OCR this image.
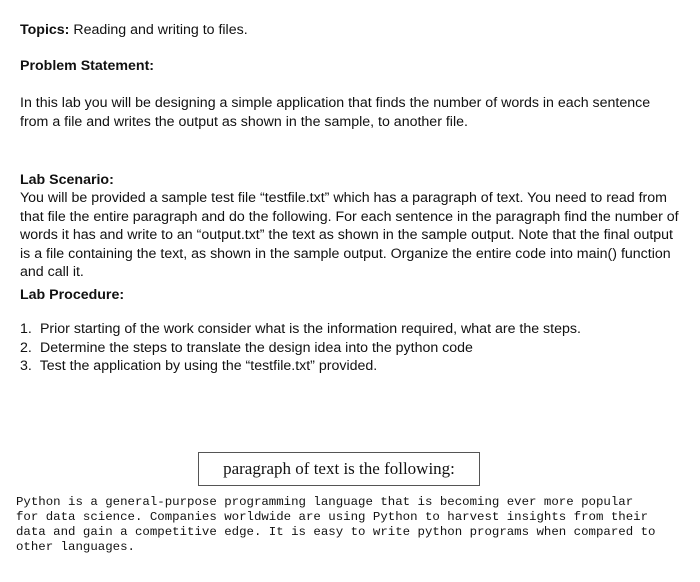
Topics: Reading and writing to files.
Problem Statement:
In this lab you will be designing a simple application that finds the number of words in each sentence from a file and writes the output as shown in the sample, to another file.
Lab Scenario:
You will be provided a sample test file “testfile.txt” which has a paragraph of text. You need to read from that file the entire paragraph and do the following. For each sentence in the paragraph find the number of words it has and write to an “output.txt” the text as shown in the sample output. Note that the final output is a file containing the text, as shown in the sample output. Organize the entire code into main() function and call it.
Lab Procedure:
1. Prior starting of the work consider what is the information required, what are the steps.
2. Determine the steps to translate the design idea into the python code
3. Test the application by using the “testfile.txt” provided.
paragraph of text is the following:
Python is a general-purpose programming language that is becoming ever more popular
for data science. Companies worldwide are using Python to harvest insights from their
data and gain a competitive edge. It is easy to write python programs when compared to
other languages.
